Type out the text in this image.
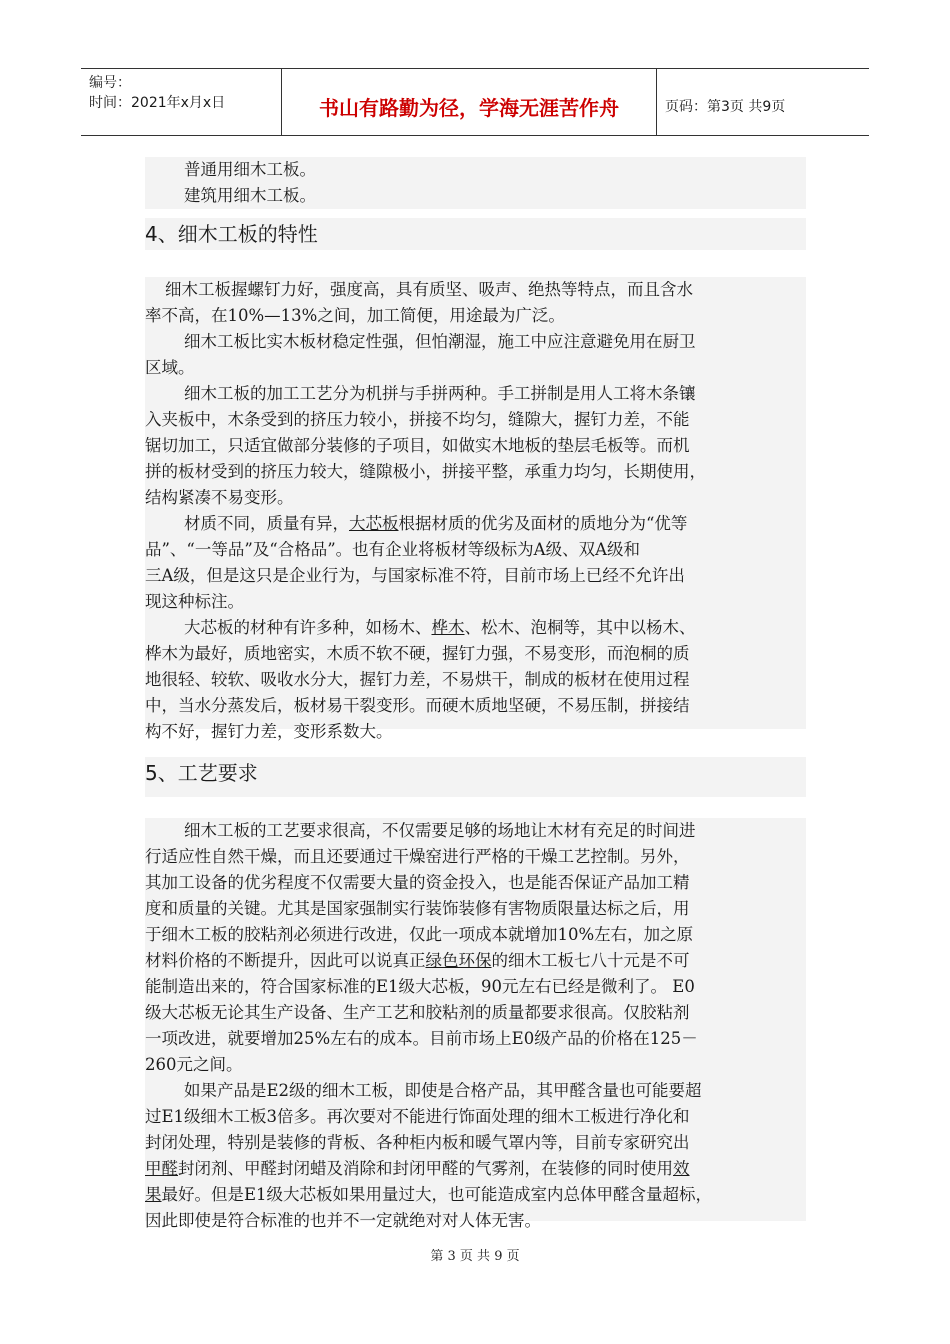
编号：
时间：2021年x月x日	书山有路勤为径，学海无涯苦作舟	页码：第3页 共9页

普通用细木工板。

建筑用细木工板。

4、细木工板的特性

细木工板握螺钉力好，强度高，具有质坚、吸声、绝热等特点，而且含水

率不高，在10%—13%之间，加工简便，用途最为广泛。

细木工板比实木板材稳定性强，但怕潮湿，施工中应注意避免用在厨卫

区域。

细木工板的加工工艺分为机拼与手拼两种。手工拼制是用人工将木条镶

入夹板中，木条受到的挤压力较小，拼接不均匀，缝隙大，握钉力差，不能

锯切加工，只适宜做部分装修的子项目，如做实木地板的垫层毛板等。而机

拼的板材受到的挤压力较大，缝隙极小，拼接平整，承重力均匀，长期使用，

结构紧凑不易变形。

材质不同，质量有异，大芯板根据材质的优劣及面材的质地分为“优等

品”、“一等品”及“合格品”。也有企业将板材等级标为A级、双A级和

三A级，但是这只是企业行为，与国家标准不符，目前市场上已经不允许出

现这种标注。

大芯板的材种有许多种，如杨木、桦木、松木、泡桐等，其中以杨木、

桦木为最好，质地密实，木质不软不硬，握钉力强，不易变形，而泡桐的质

地很轻、较软、吸收水分大，握钉力差，不易烘干，制成的板材在使用过程

中，当水分蒸发后，板材易干裂变形。而硬木质地坚硬，不易压制，拼接结

构不好，握钉力差，变形系数大。

5、工艺要求

细木工板的工艺要求很高，不仅需要足够的场地让木材有充足的时间进

行适应性自然干燥，而且还要通过干燥窑进行严格的干燥工艺控制。另外，

其加工设备的优劣程度不仅需要大量的资金投入，也是能否保证产品加工精

度和质量的关键。尤其是国家强制实行装饰装修有害物质限量达标之后，用

于细木工板的胶粘剂必须进行改进，仅此一项成本就增加10%左右，加之原

材料价格的不断提升，因此可以说真正绿色环保的细木工板七八十元是不可

能制造出来的，符合国家标准的E1级大芯板，90元左右已经是微利了。 E0

级大芯板无论其生产设备、生产工艺和胶粘剂的质量都要求很高。仅胶粘剂

一项改进，就要增加25%左右的成本。目前市场上E0级产品的价格在125－

260元之间。

如果产品是E2级的细木工板，即使是合格产品，其甲醛含量也可能要超

过E1级细木工板3倍多。再次要对不能进行饰面处理的细木工板进行净化和

封闭处理，特别是装修的背板、各种柜内板和暖气罩内等，目前专家研究出

甲醛封闭剂、甲醛封闭蜡及消除和封闭甲醛的气雾剂，在装修的同时使用效

果最好。但是E1级大芯板如果用量过大，也可能造成室内总体甲醛含量超标，

因此即使是符合标准的也并不一定就绝对对人体无害。

第 3 页 共 9 页
